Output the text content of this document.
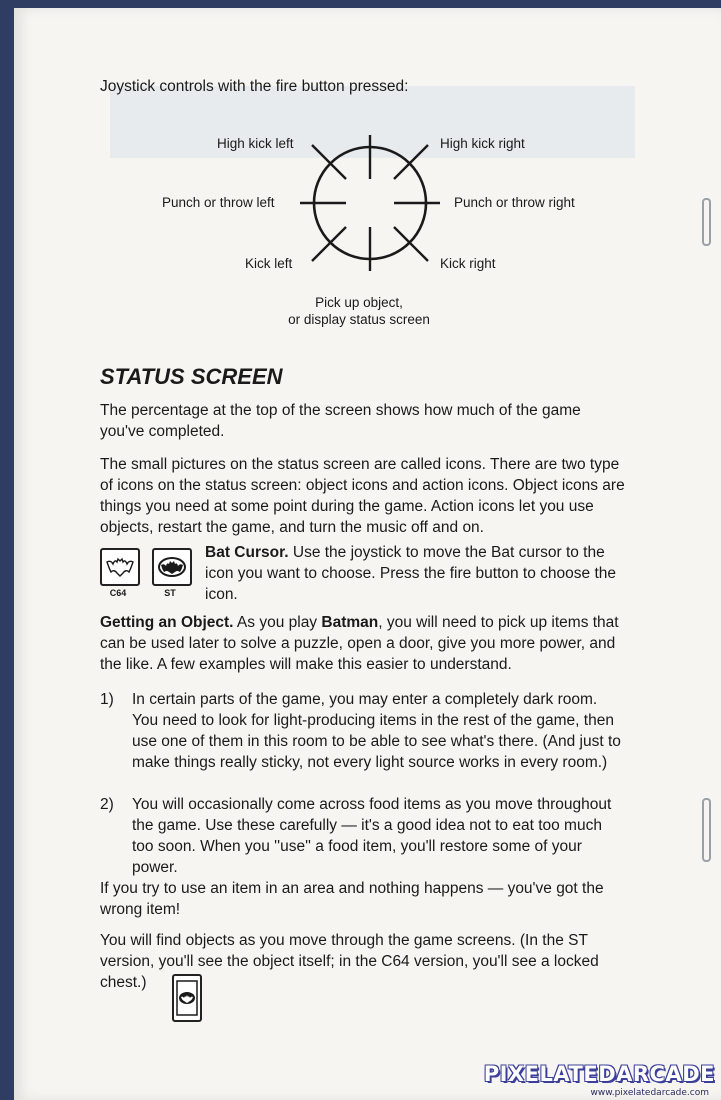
Joystick controls with the fire button pressed:

High kick left	High kick right
Punch or throw left	Punch or throw right
Kick left	Kick right
Pick up object,
or display status screen
STATUS SCREEN

The percentage at the top of the screen shows how much of the game you've completed.

The small pictures on the status screen are called icons. There are two type of icons on the status screen: object icons and action icons. Object icons are things you need at some point during the game. Action icons let you use objects, restart the game, and turn the music off and on.

C64	ST

Bat Cursor. Use the joystick to move the Bat cursor to the icon you want to choose. Press the fire button to choose the icon.

Getting an Object. As you play Batman, you will need to pick up items that can be used later to solve a puzzle, open a door, give you more power, and the like. A few examples will make this easier to understand.

1) In certain parts of the game, you may enter a completely dark room. You need to look for light-producing items in the rest of the game, then use one of them in this room to be able to see what's there. (And just to make things really sticky, not every light source works in every room.)

2) You will occasionally come across food items as you move throughout the game. Use these carefully — it's a good idea not to eat too much too soon. When you ''use'' a food item, you'll restore some of your power.

If you try to use an item in an area and nothing happens — you've got the wrong item!

You will find objects as you move through the game screens. (In the ST version, you'll see the object itself; in the C64 version, you'll see a locked chest.)

PIXELATEDARCADE
www.pixelatedarcade.com
